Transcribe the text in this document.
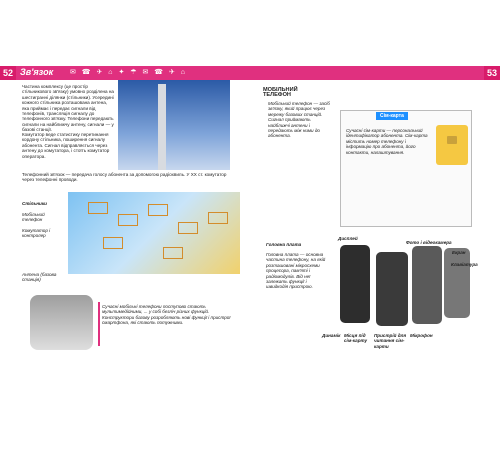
52	53
Зв'язок ✉ ☎ ✈ ⌂ ✦ ☂ ✉ ☎ ✈ ⌂
Частина комплексу (це простір стільникового зв'язку) умовно розділена на шестигранні ділянки (стільники). Усередині кожного стільника розташована антена, яка приймає і передає сигнали від телефонів, трансляція сигналу до телефонного зв'язку. Телефони передають сигнали на найближчу антену, сигнали — у базові станції.
Комутатор веде статистику перетинання кордону стільника, поширення сигналу абонента. Сигнал відправляється через антену до комутатора, і стоїть комутатор оператора.
Телефонний зв'язок — передача голосу абонента за допомогою радіохвиль. У XX ст. комутатор через телефонні проводи.
Стільники
Мобільний телефон
Комутатор і контролер
Антена (базова станція)
Сучасні мобільні телефони поступово стають мультимедійними, ... у собі безліч різних функцій. Конструктори базову розробляють нові функції і пристрої смартфона, які стають потужними.
МОБІЛЬНИЙ ТЕЛЕФОН
Мобільний телефон — засіб зв'язку, який працює через мережу базових станцій. Сигнал приймають найближчі антени і передають між ними до абонента.
Сім-карта
Сучасні сім-карти — персональний ідентифікатор абонента. Сім-карта містить номер телефону і інформацію про абонента, його контакти, налаштування.
Дисплей
Фото і відеокамера
Екран
Клавіатура
Головна плата
Місця під сім-карту
Пристрій для читання сім-карти
Мікрофон
Динамік
Головна плата — основна частина телефону, на якій розташовані мікросхеми процесора, пам'яті і радіомодулів. Від неї залежать функції і швидкодія пристрою.
